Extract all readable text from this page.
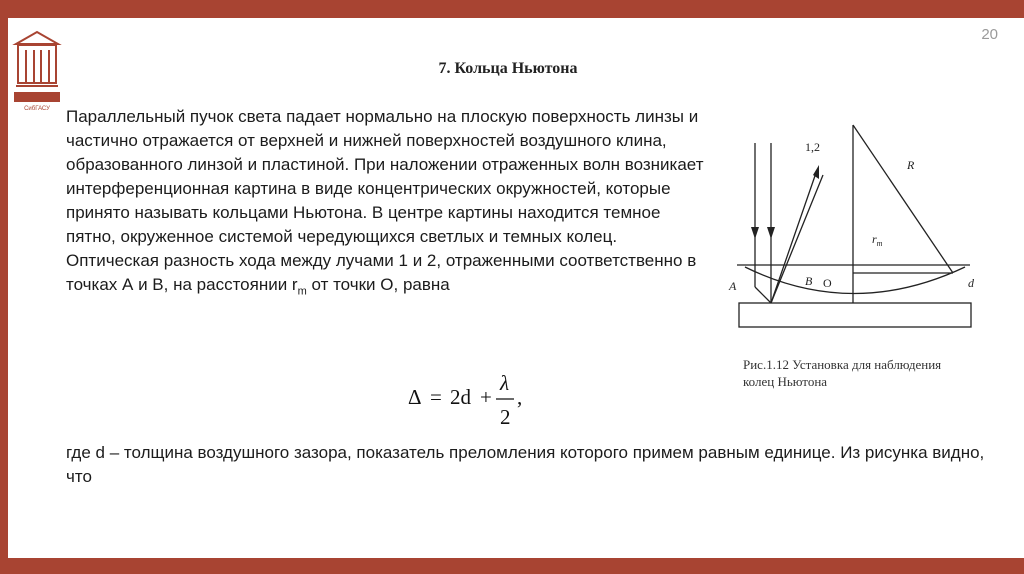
20
СибГАСУ
7. Кольца Ньютона

Параллельный пучок света падает нормально на плоскую поверхность линзы и частично отражается от верхней и нижней поверхностей воздушного клина, образованного линзой и пластиной. При наложении отраженных волн возникает интерференционная картина в виде концентрических окружностей, которые принято называть кольцами Ньютона. В центре картины находится темное пятно, окруженное системой чередующихся светлых и темных колец.

Оптическая разность хода между лучами 1 и 2, отраженными соответственно в точках А и В, на расстоянии $r_m$ от точки О, равна

Δ = 2d +
λ
2
,
где d – толщина воздушного зазора, показатель преломления которого примем равным единице. Из рисунка видно, что
1,2
R
$r_m$
A	B O	d
Рис.1.12 Установка для наблюдения колец Ньютона
